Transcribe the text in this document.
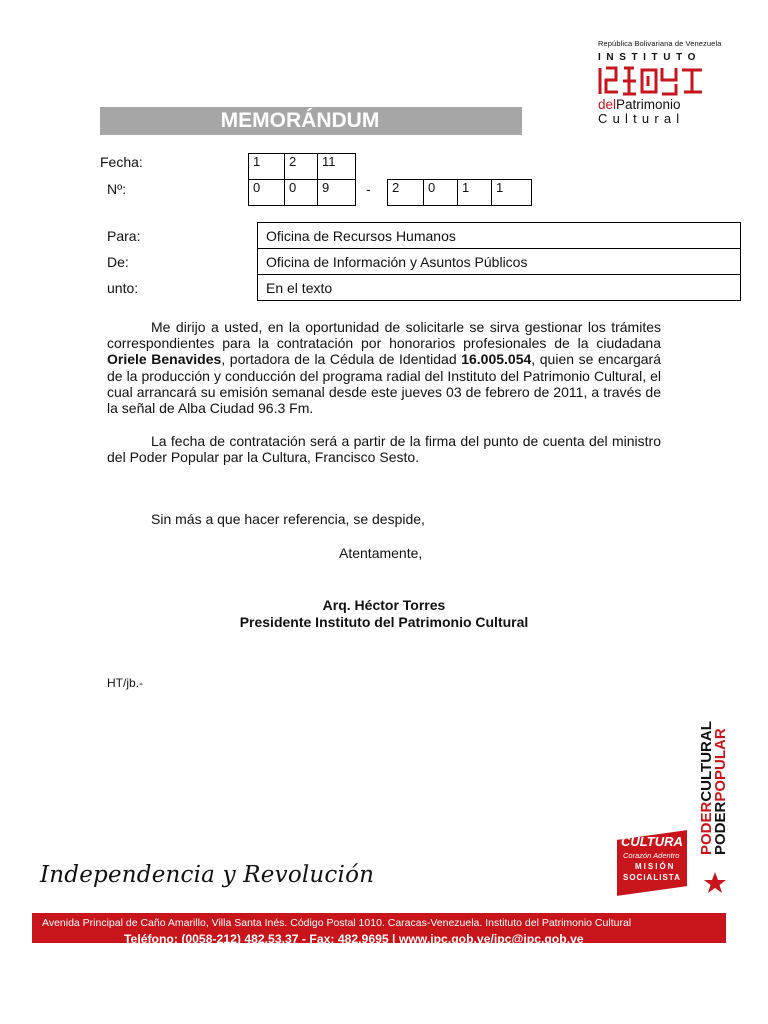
República Bolivariana de Venezuela
INSTITUTO
delPatrimonio
Cultural
MEMORÁNDUM
Fecha:	1	2	11
Nº:	0	0	9	-	2	0	1	1
Para:	Oficina de Recursos Humanos
De:	Oficina de Información y Asuntos Públicos
unto:	En el texto

Me dirijo a usted, en la oportunidad de solicitarle se sirva gestionar los trámites correspondientes para la contratación por honorarios profesionales de la ciudadana Oriele Benavides, portadora de la Cédula de Identidad 16.005.054, quien se encargará de la producción y conducción del programa radial del Instituto del Patrimonio Cultural, el cual arrancará su emisión semanal desde este jueves 03 de febrero de 2011, a través de la señal de Alba Ciudad 96.3 Fm.

La fecha de contratación será a partir de la firma del punto de cuenta del ministro del Poder Popular par la Cultura, Francisco Sesto.

Sin más a que hacer referencia, se despide,
Atentamente,
Arq. Héctor Torres
President​e Instituto del Patrimonio Cultural
HT/jb.-
Independencia y Revolución
CULTURA
Corazón Adentro
MISIÓN
SOCIALISTA
PODERCULTURAL
PODERPOPULAR
Avenida Principal de Caño Amarillo, Villa Santa Inés. Código Postal 1010. Caracas-Venezuela. Instituto del Patrimonio Cultural
Teléfono: (0058-212) 482.53.37 - Fax: 482.9695 | www.ipc.gob.ve/ipc@ipc.gob.ve
